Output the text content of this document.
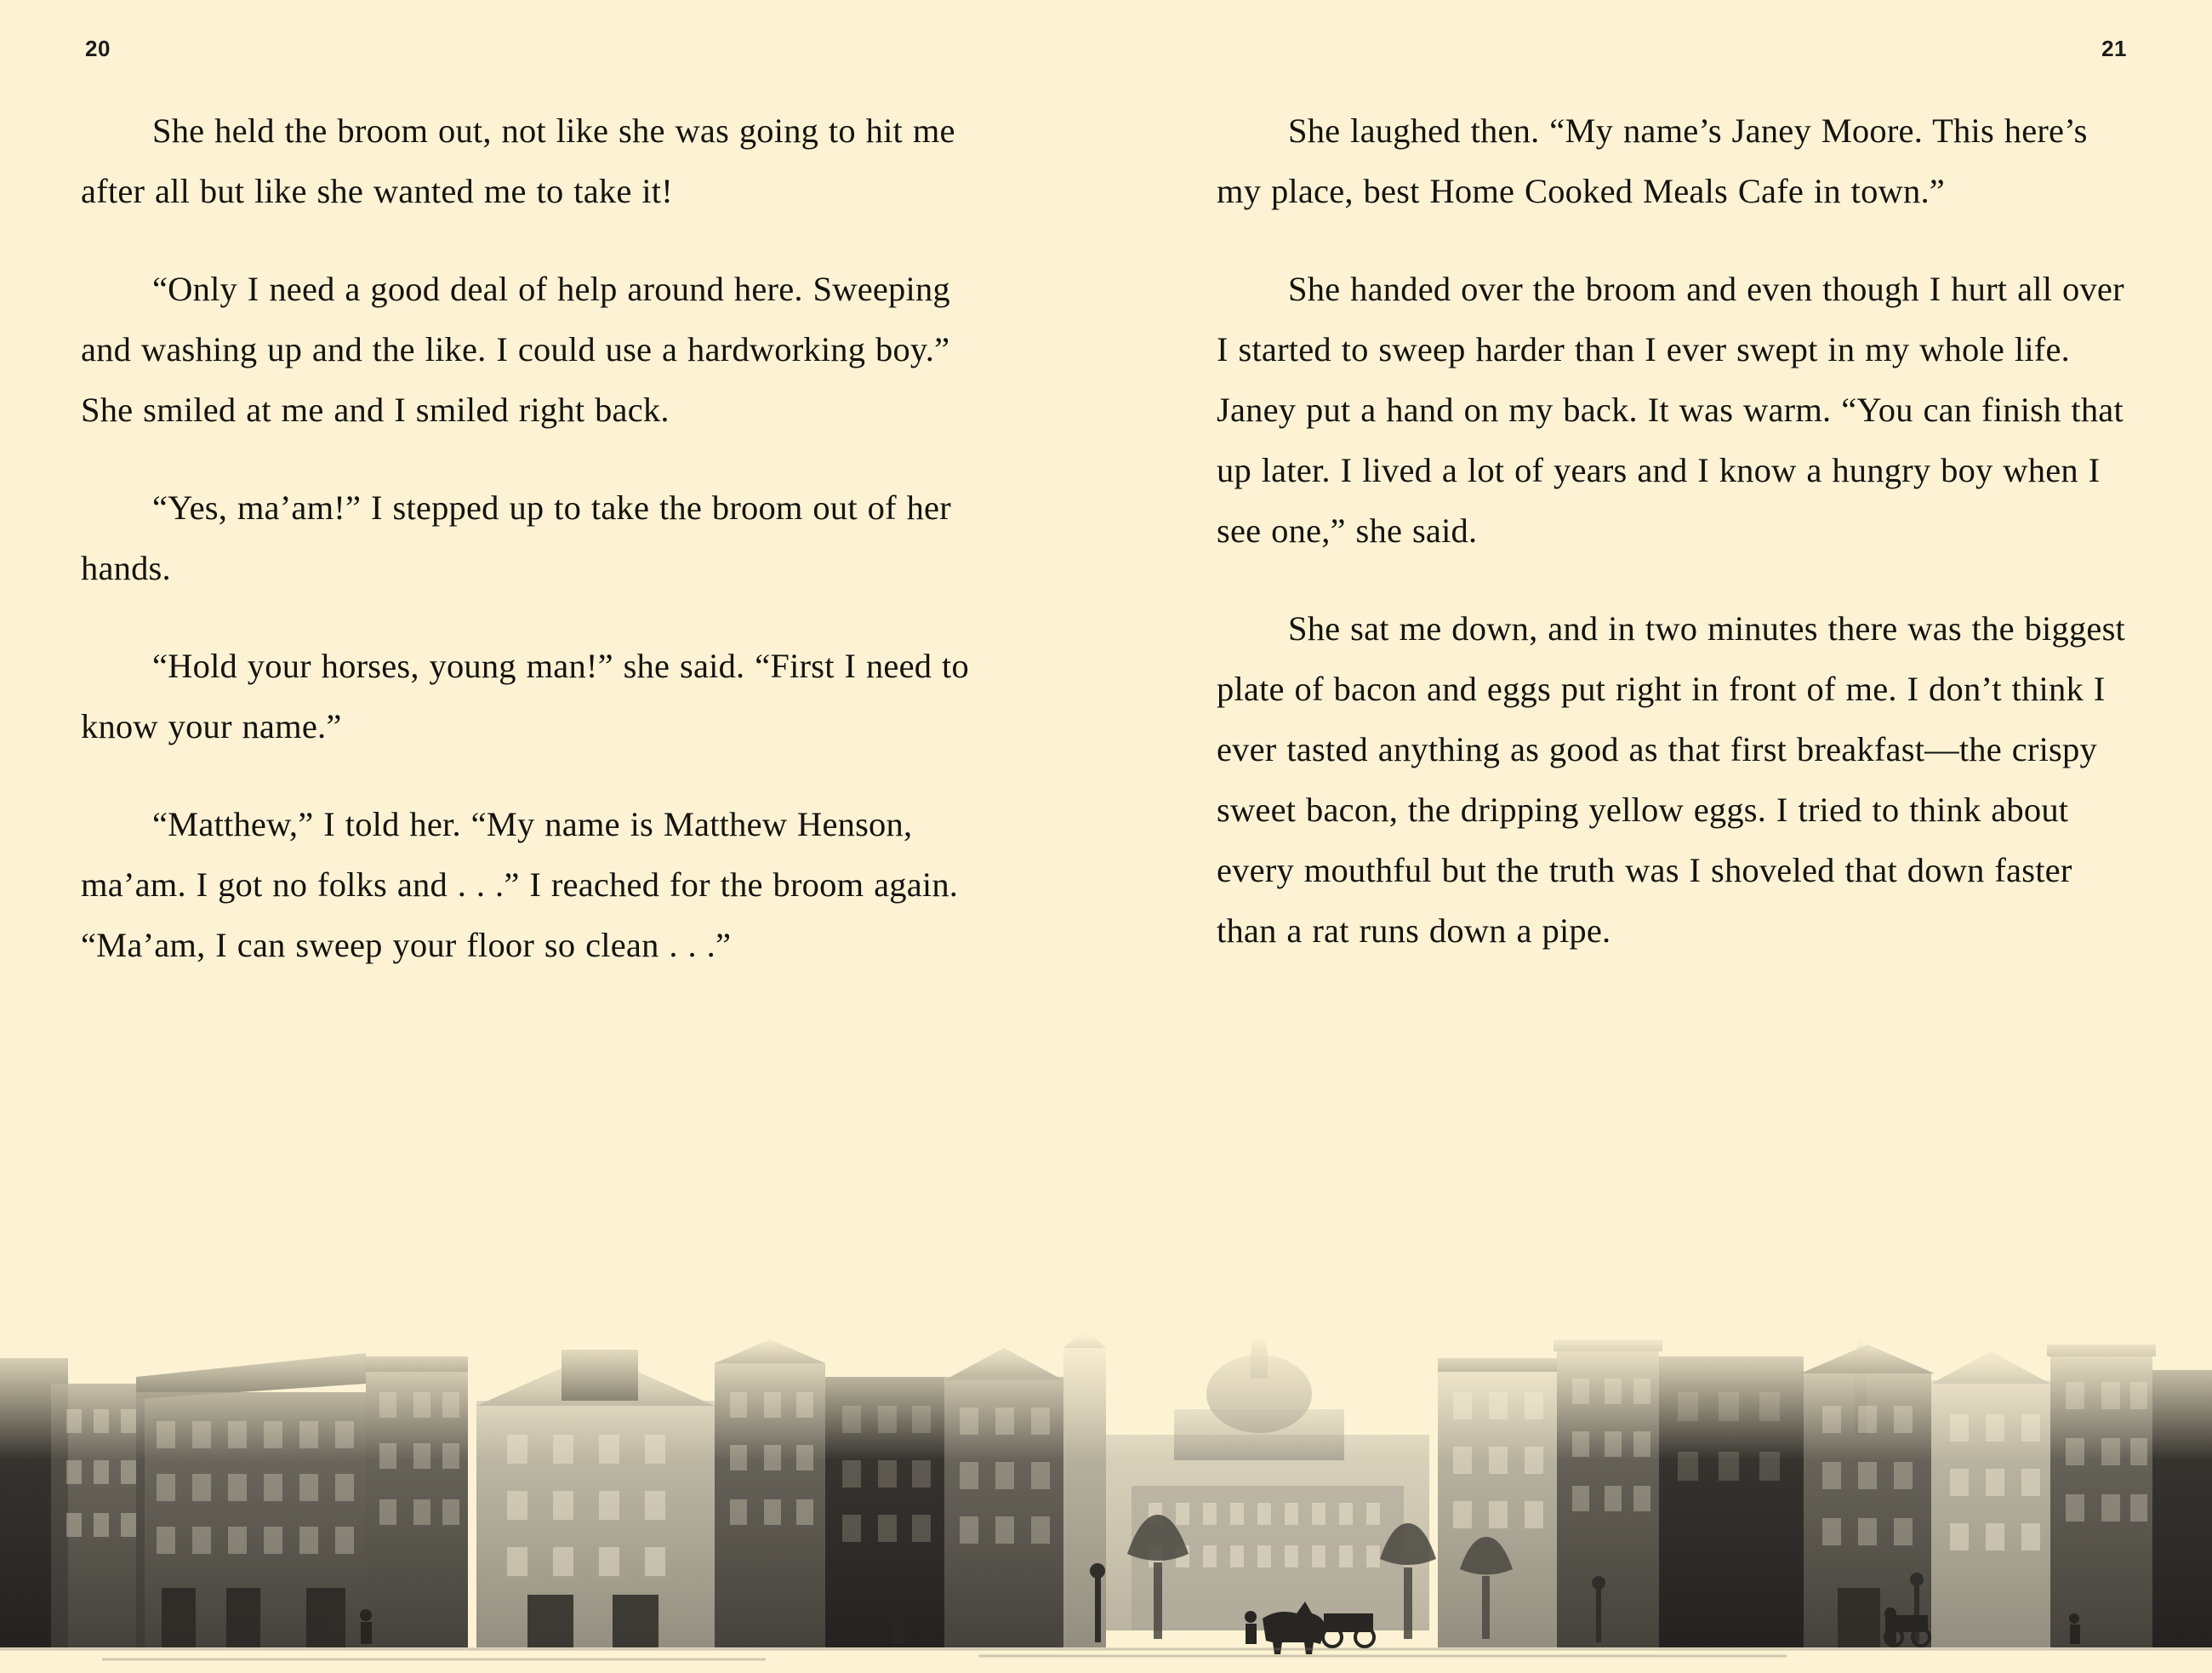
20	21

She held the broom out, not like she was going to hit me after all but like she wanted me to take it!

“Only I need a good deal of help around here. Sweeping and washing up and the like. I could use a hardworking boy.” She smiled at me and I smiled right back.

“Yes, ma’am!” I stepped up to take the broom out of her hands.

“Hold your horses, young man!” she said. “First I need to know your name.”

“Matthew,” I told her. “My name is Matthew Henson, ma’am. I got no folks and . . .” I reached for the broom again. “Ma’am, I can sweep your floor so clean . . .”

She laughed then. “My name’s Janey Moore. This here’s my place, best Home Cooked Meals Cafe in town.”

She handed over the broom and even though I hurt all over I started to sweep harder than I ever swept in my whole life. Janey put a hand on my back. It was warm. “You can finish that up later. I lived a lot of years and I know a hungry boy when I see one,” she said.

She sat me down, and in two minutes there was the biggest plate of bacon and eggs put right in front of me. I don’t think I ever tasted anything as good as that first breakfast—the crispy sweet bacon, the dripping yellow eggs. I tried to think about every mouthful but the truth was I shoveled that down faster than a rat runs down a pipe.
